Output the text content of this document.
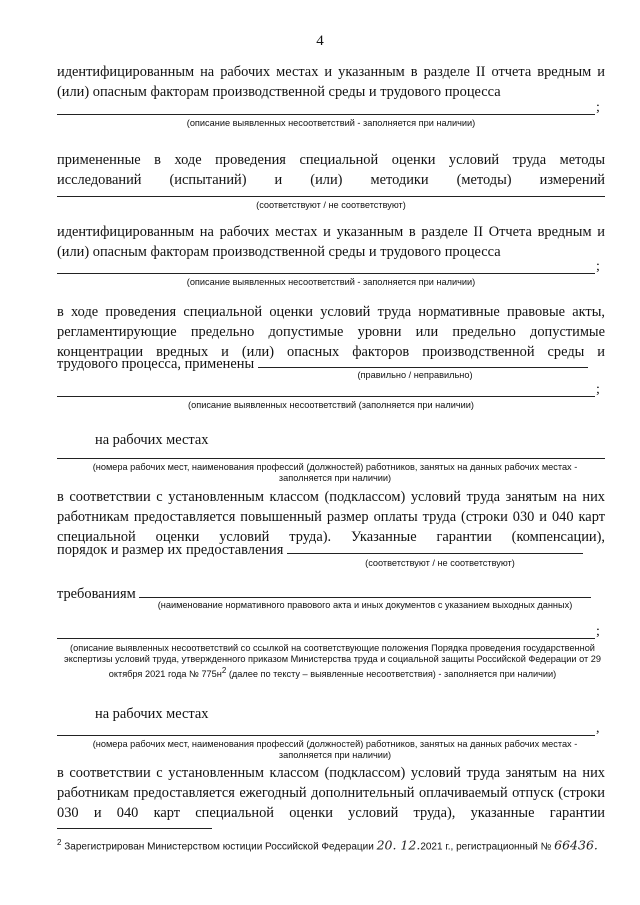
4
идентифицированным на рабочих местах и указанным в разделе II отчета вредным и (или) опасным факторам производственной среды и трудового процесса
;
(описание выявленных несоответствий - заполняется при наличии)
примененные в ходе проведения специальной оценки условий труда методы исследований (испытаний) и (или) методики (методы) измерений
(соответствуют / не соответствуют)
идентифицированным на рабочих местах и указанным в разделе II Отчета вредным и (или) опасным факторам производственной среды и трудового процесса
;
(описание выявленных несоответствий - заполняется при наличии)
в ходе проведения специальной оценки условий труда нормативные правовые акты, регламентирующие предельно допустимые уровни или предельно допустимые концентрации вредных и (или) опасных факторов производственной среды и
трудового процесса, применены
(правильно / неправильно)
;
(описание выявленных несоответствий (заполняется при наличии)
на рабочих местах
(номера рабочих мест, наименования профессий (должностей) работников, занятых на данных рабочих местах - заполняется при наличии)
в соответствии с установленным классом (подклассом) условий труда занятым на них работникам предоставляется повышенный размер оплаты труда (строки 030 и 040 карт специальной оценки условий труда). Указанные гарантии (компенсации),
порядок и размер их предоставления
(соответствуют / не соответствуют)
требованиям
(наименование нормативного правового акта и иных документов с указанием выходных данных)
;
(описание выявленных несоответствий со ссылкой на соответствующие положения Порядка проведения государственной экспертизы условий труда, утвержденного приказом Министерства труда и социальной защиты Российской Федерации от 29 октября 2021 года № $775н^2$ (далее по тексту – выявленные несоответствия) - заполняется при наличии)
на рабочих местах
,
(номера рабочих мест, наименования профессий (должностей) работников, занятых на данных рабочих местах - заполняется при наличии)
в соответствии с установленным классом (подклассом) условий труда занятым на них работникам предоставляется ежегодный дополнительный оплачиваемый отпуск (строки 030 и 040 карт специальной оценки условий труда), указанные гарантии
$^2$ Зарегистрирован Министерством юстиции Российской Федерации 20. 12.2021 г., регистрационный № 66436.
